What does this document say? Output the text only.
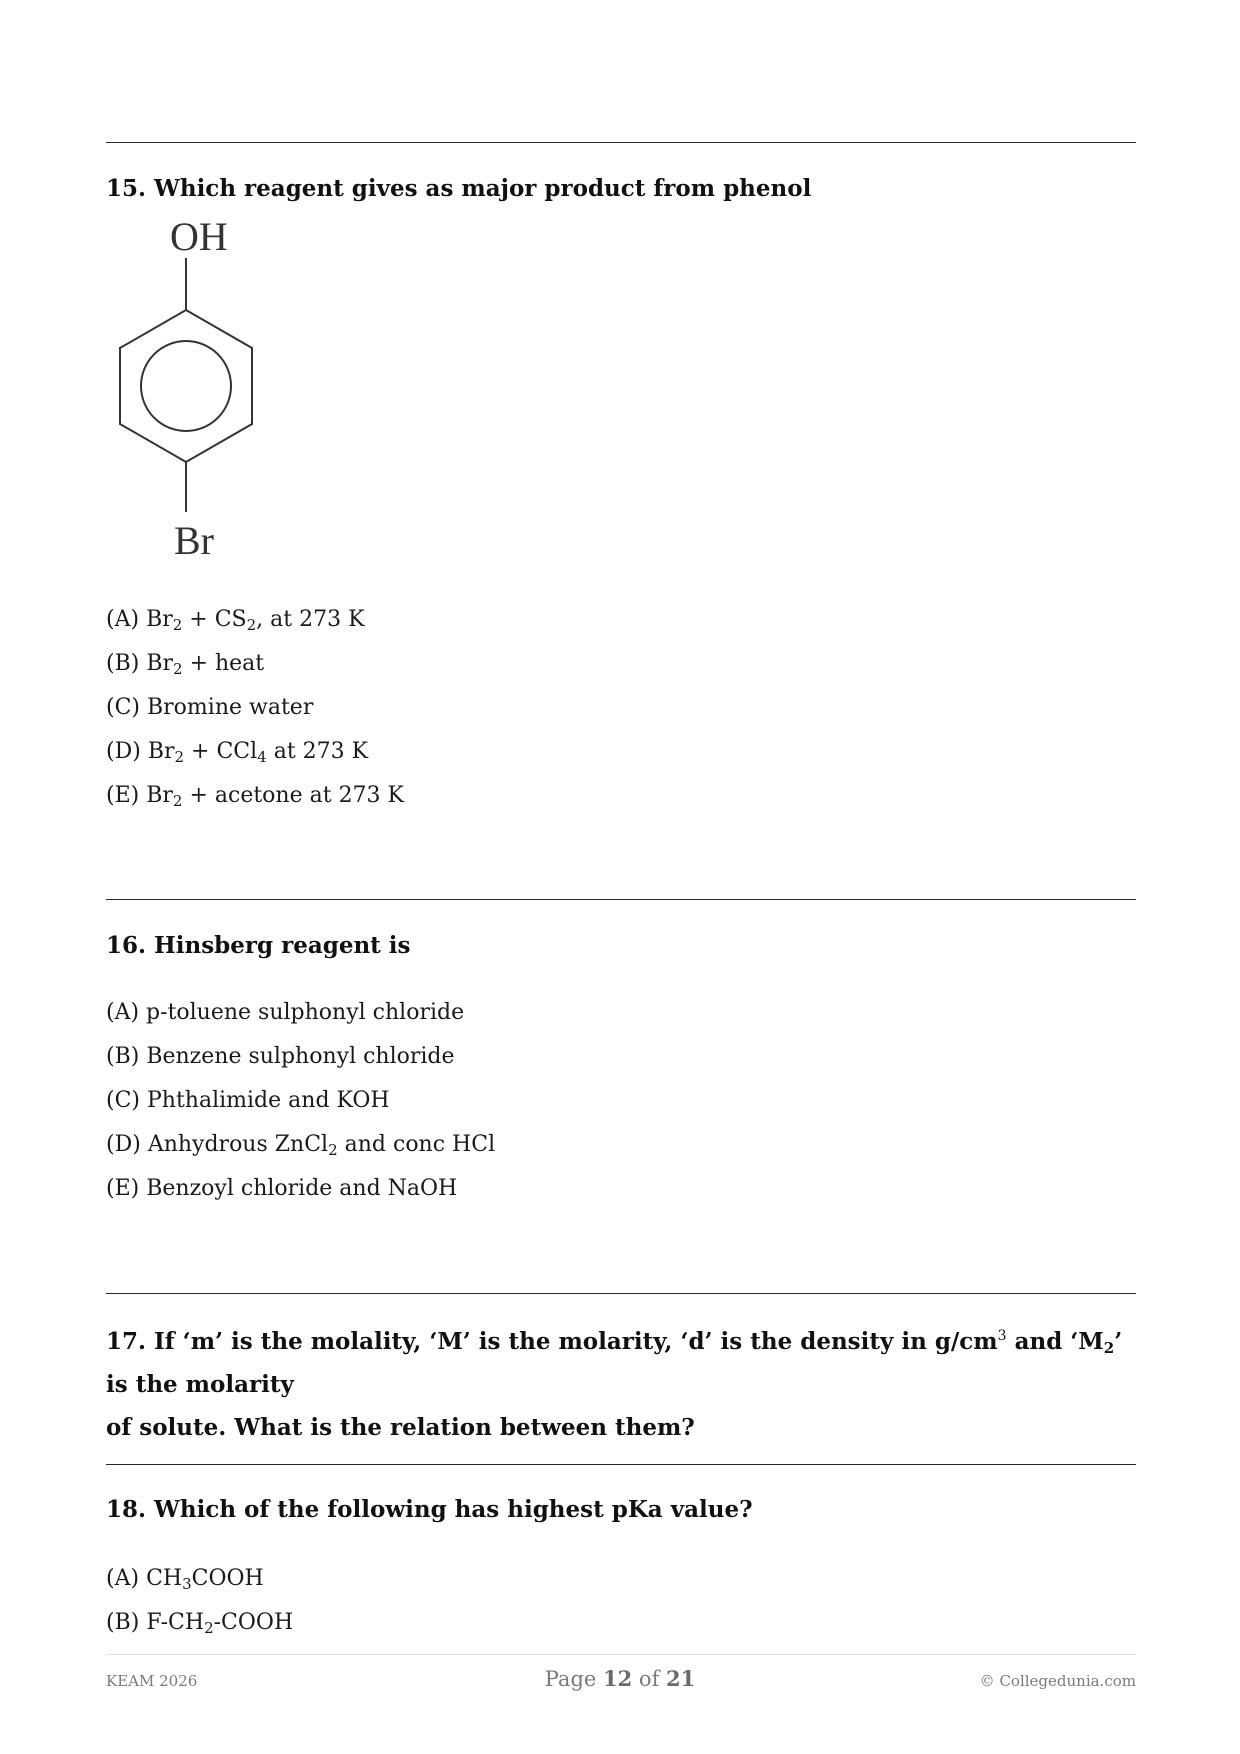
15. Which reagent gives as major product from phenol
OH
Br
(A) $Br_2 + CS_2$, at 273 K
(B) $Br_2$ + heat
(C) Bromine water
(D) $Br_2 + CCl_4$ at 273 K
(E) $Br_2$ + acetone at 273 K
16. Hinsberg reagent is
(A) p-toluene sulphonyl chloride
(B) Benzene sulphonyl chloride
(C) Phthalimide and KOH
(D) Anhydrous ZnCl$_2$ and conc HCl
(E) Benzoyl chloride and NaOH
17. If ‘m’ is the molality, ‘M’ is the molarity, ‘d’ is the density in $g/cm^3$ and ‘$M_2$’ is the molarity
of solute. What is the relation between them?
18. Which of the following has highest pKa value?
(A) $CH_3COOH$
(B) $F-CH_2$-COOH
KEAM 2026	Page 12 of 21	© Collegedunia.com
